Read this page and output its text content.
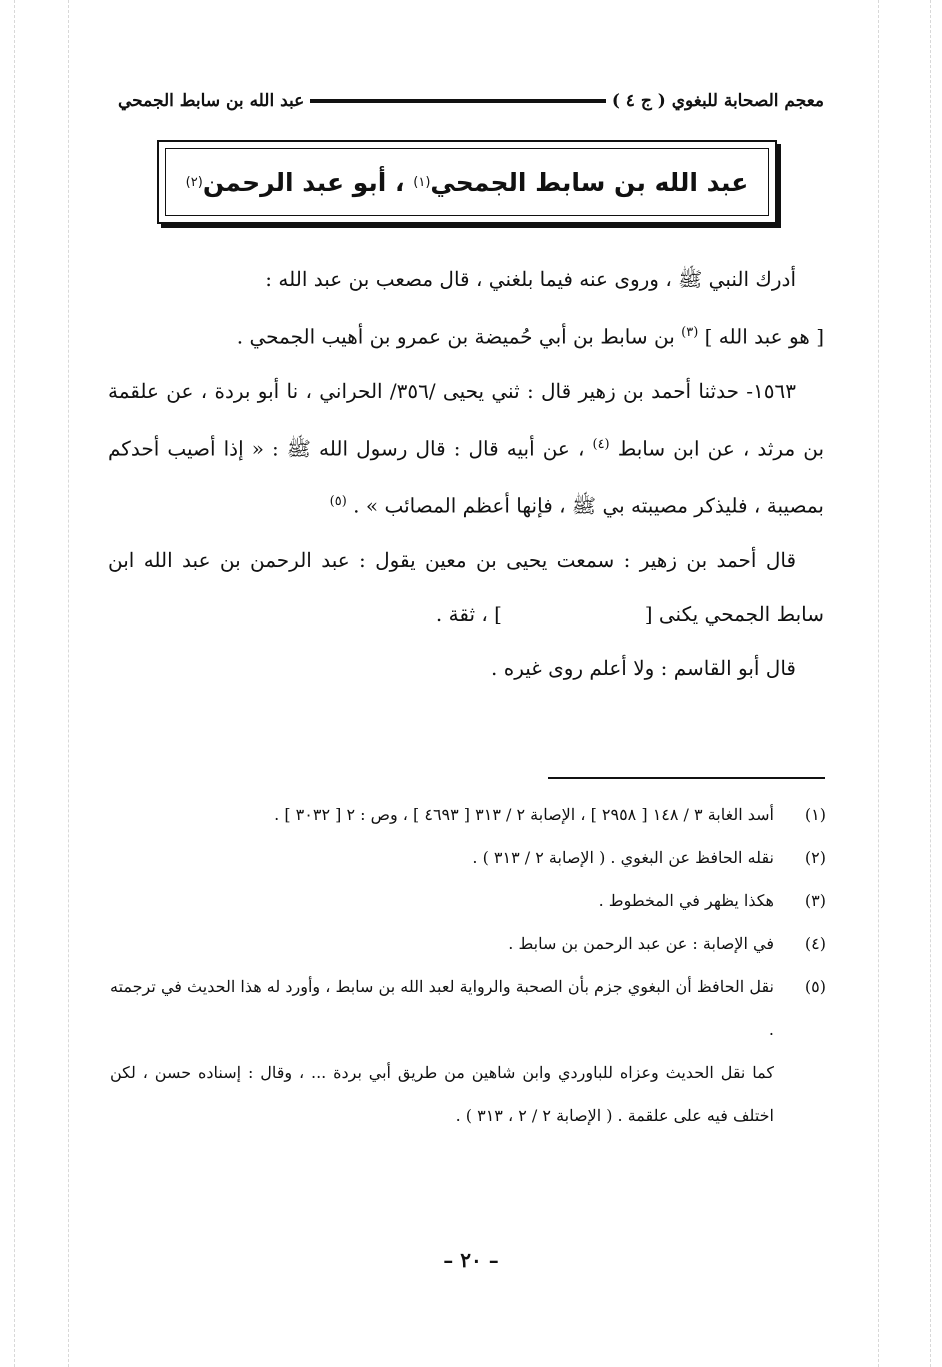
معجم الصحابة للبغوي ( ج ٤ )
عبد الله بن سابط الجمحي
عبد الله بن سابط الجمحي
(١)

، أبو عبد الرحمن
(٢)

أدرك النبي ﷺ ، وروى عنه فيما بلغني ، قال مصعب بن عبد الله :
[ هو عبد الله ] $^{(٣)}$ بن سابط بن أبي حُميضة بن عمرو بن أهيب الجمحي .

١٥٦٣- حدثنا أحمد بن زهير قال : ثني يحيى /٣٥٦/ الحراني ، نا أبو بردة ، عن علقمة بن مرثد ، عن ابن سابط $^{(٤)}$ ، عن أبيه قال : قال رسول الله ﷺ : « إذا أصيب أحدكم بمصيبة ، فليذكر مصيبته بي ﷺ ، فإنها أعظم المصائب » . $^{(٥)}$

قال أحمد بن زهير : سمعت يحيى بن معين يقول : عبد الرحمن بن عبد الله ابن سابط الجمحي يكنى [  ] ، ثقة .

قال أبو القاسم : ولا أعلم روى غيره .

(١)
أسد الغابة ٣ / ١٤٨ [ ٢٩٥٨ ] ، الإصابة ٢ / ٣١٣ [ ٤٦٩٣ ] ، وص : ٢ [ ٣٠٣٢ ] .
(٢)
نقله الحافظ عن البغوي . ( الإصابة ٢ / ٣١٣ ) .
(٣)
هكذا يظهر في المخطوط .
(٤)
في الإصابة : عن عبد الرحمن بن سابط .
(٥)
نقل الحافظ أن البغوي جزم بأن الصحبة والرواية لعبد الله بن سابط ، وأورد له هذا الحديث في ترجمته .
كما نقل الحديث وعزاه للباوردي وابن شاهين من طريق أبي بردة ... ، وقال : إسناده حسن ، لكن اختلف فيه على علقمة . ( الإصابة ٢ / ٢ ، ٣١٣ ) .
– ٢٠ –
